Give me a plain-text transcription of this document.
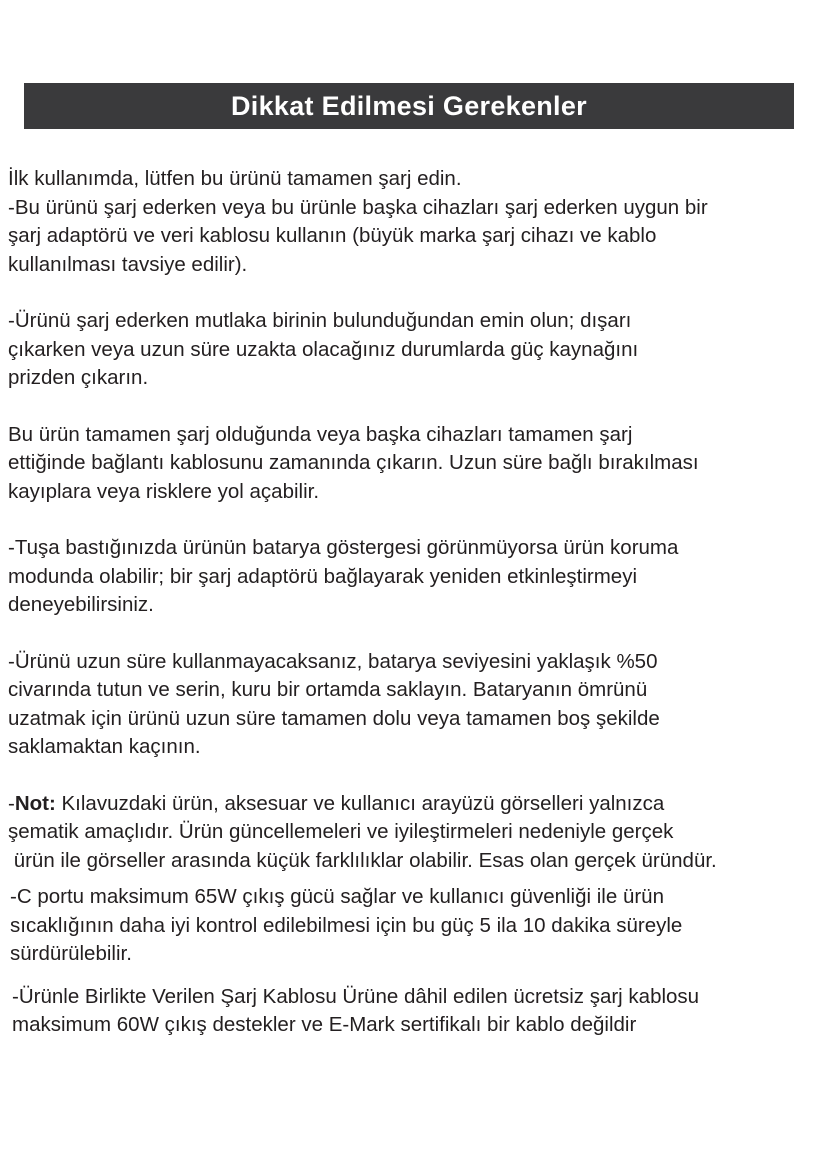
Dikkat Edilmesi Gerekenler

İlk kullanımda, lütfen bu ürünü tamamen şarj edin.
-Bu ürünü şarj ederken veya bu ürünle başka cihazları şarj ederken uygun bir
şarj adaptörü ve veri kablosu kullanın (büyük marka şarj cihazı ve kablo
kullanılması tavsiye edilir).

-Ürünü şarj ederken mutlaka birinin bulunduğundan emin olun; dışarı
çıkarken veya uzun süre uzakta olacağınız durumlarda güç kaynağını
prizden çıkarın.

Bu ürün tamamen şarj olduğunda veya başka cihazları tamamen şarj
ettiğinde bağlantı kablosunu zamanında çıkarın. Uzun süre bağlı bırakılması
kayıplara veya risklere yol açabilir.

-Tuşa bastığınızda ürünün batarya göstergesi görünmüyorsa ürün koruma
modunda olabilir; bir şarj adaptörü bağlayarak yeniden etkinleştirmeyi
deneyebilirsiniz.

-Ürünü uzun süre kullanmayacaksanız, batarya seviyesini yaklaşık %50
civarında tutun ve serin, kuru bir ortamda saklayın. Bataryanın ömrünü
uzatmak için ürünü uzun süre tamamen dolu veya tamamen boş şekilde
saklamaktan kaçının.

-Not: Kılavuzdaki ürün, aksesuar ve kullanıcı arayüzü görselleri yalnızca
şematik amaçlıdır. Ürün güncellemeleri ve iyileştirmeleri nedeniyle gerçek
ürün ile görseller arasında küçük farklılıklar olabilir. Esas olan gerçek üründür.

-C portu maksimum 65W çıkış gücü sağlar ve kullanıcı güvenliği ile ürün
sıcaklığının daha iyi kontrol edilebilmesi için bu güç 5 ila 10 dakika süreyle
sürdürülebilir.

-Ürünle Birlikte Verilen Şarj Kablosu Ürüne dâhil edilen ücretsiz şarj kablosu
maksimum 60W çıkış destekler ve E-Mark sertifikalı bir kablo değildir
